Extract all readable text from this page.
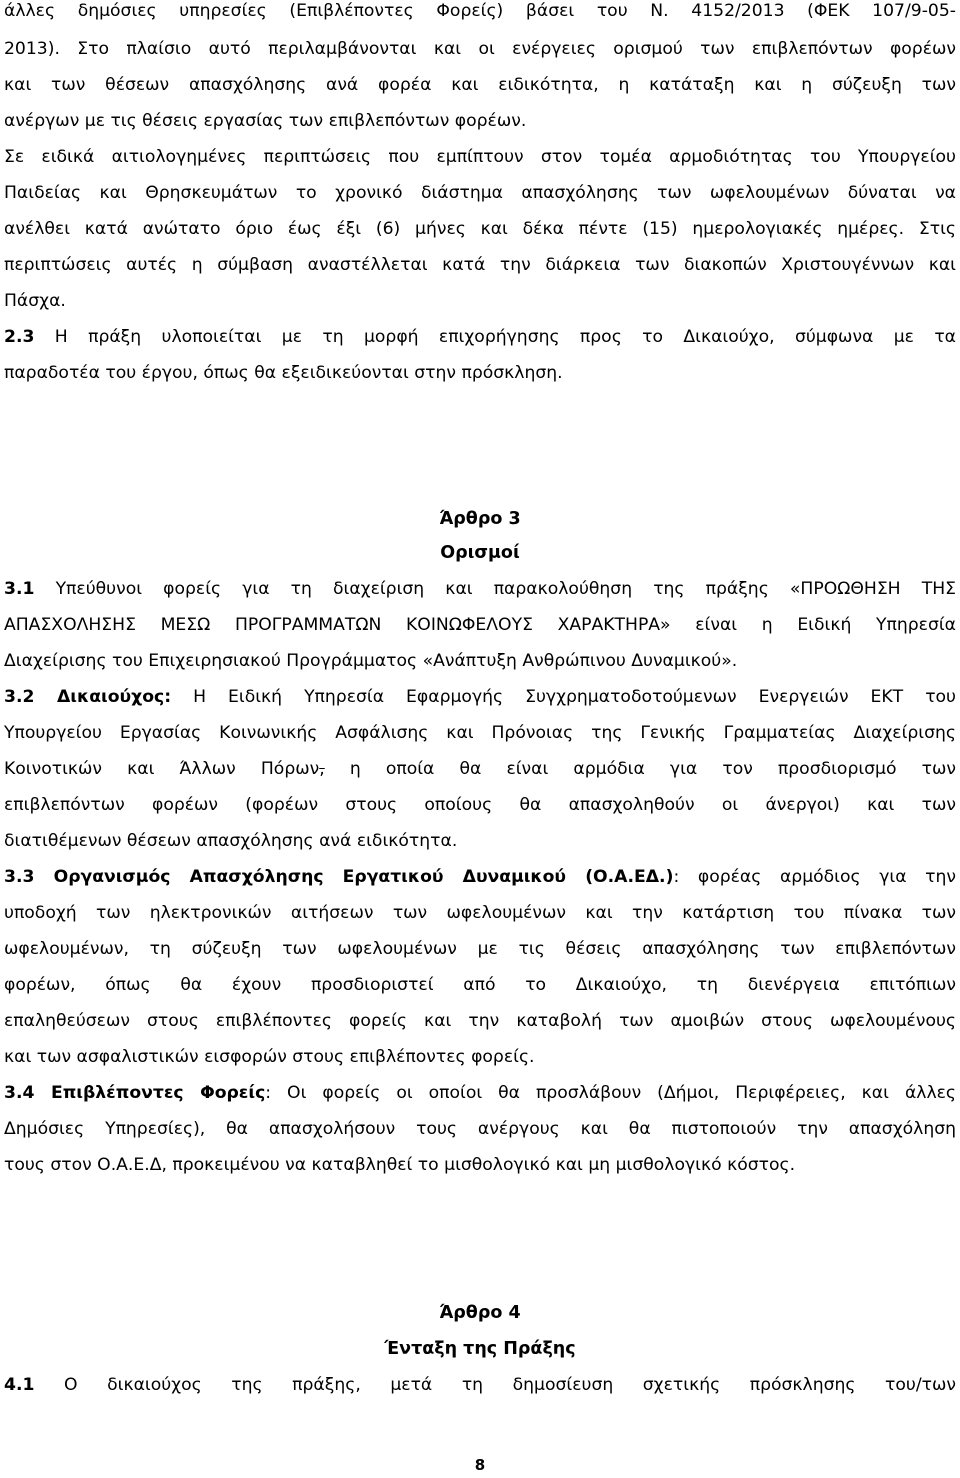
άλλες δημόσιες υπηρεσίες (Επιβλέποντες Φορείς) βάσει του Ν. 4152/2013 (ΦΕΚ 107/9-05-
2013). Στο πλαίσιο αυτό περιλαμβάνονται και οι ενέργειες ορισμού των επιβλεπόντων φορέων
και των θέσεων απασχόλησης ανά φορέα και ειδικότητα, η κατάταξη και η σύζευξη των
ανέργων με τις θέσεις εργασίας των επιβλεπόντων φορέων.
Σε ειδικά αιτιολογημένες περιπτώσεις που εμπίπτουν στον τομέα αρμοδιότητας του Υπουργείου
Παιδείας και Θρησκευμάτων το χρονικό διάστημα απασχόλησης των ωφελουμένων δύναται να
ανέλθει κατά ανώτατο όριο έως έξι (6) μήνες και δέκα πέντε (15) ημερολογιακές ημέρες. Στις
περιπτώσεις αυτές η σύμβαση αναστέλλεται κατά την διάρκεια των διακοπών Χριστουγέννων και
Πάσχα.
2.3 Η πράξη υλοποιείται με τη μορφή επιχορήγησης προς το Δικαιούχο, σύμφωνα με τα
παραδοτέα του έργου, όπως θα εξειδικεύονται στην πρόσκληση.
Άρθρο 3
Ορισμοί
3.1 Υπεύθυνοι φορείς για τη διαχείριση και παρακολούθηση της πράξης «ΠΡΟΩΘΗΣΗ ΤΗΣ
ΑΠΑΣΧΟΛΗΣΗΣ ΜΕΣΩ ΠΡΟΓΡΑΜΜΑΤΩΝ ΚΟΙΝΩΦΕΛΟΥΣ ΧΑΡΑΚΤΗΡΑ» είναι η Ειδική Υπηρεσία
Διαχείρισης του Επιχειρησιακού Προγράμματος «Ανάπτυξη Ανθρώπινου Δυναμικού».
3.2 Δικαιούχος: Η Ειδική Υπηρεσία Εφαρμογής Συγχρηματοδοτούμενων Ενεργειών ΕΚΤ του
Υπουργείου Εργασίας Κοινωνικής Ασφάλισης και Πρόνοιας της Γενικής Γραμματείας Διαχείρισης
Κοινοτικών και Άλλων Πόρων, η οποία θα είναι αρμόδια για τον προσδιορισμό των
επιβλεπόντων φορέων (φορέων στους οποίους θα απασχοληθούν οι άνεργοι) και των
διατιθέμενων θέσεων απασχόλησης ανά ειδικότητα.
3.3 Οργανισμός Απασχόλησης Εργατικού Δυναμικού (Ο.Α.ΕΔ.): φορέας αρμόδιος για την
υποδοχή των ηλεκτρονικών αιτήσεων των ωφελουμένων και την κατάρτιση του πίνακα των
ωφελουμένων, τη σύζευξη των ωφελουμένων με τις θέσεις απασχόλησης των επιβλεπόντων
φορέων, όπως θα έχουν προσδιοριστεί από το Δικαιούχο, τη διενέργεια επιτόπιων
επαληθεύσεων στους επιβλέποντες φορείς και την καταβολή των αμοιβών στους ωφελουμένους
και των ασφαλιστικών εισφορών στους επιβλέποντες φορείς.
3.4 Επιβλέποντες Φορείς: Οι φορείς οι οποίοι θα προσλάβουν (Δήμοι, Περιφέρειες, και άλλες
Δημόσιες Υπηρεσίες), θα απασχολήσουν τους ανέργους και θα πιστοποιούν την απασχόληση
τους στον Ο.Α.Ε.Δ, προκειμένου να καταβληθεί το μισθολογικό και μη μισθολογικό κόστος.
Άρθρο 4
Ένταξη της Πράξης
4.1 Ο δικαιούχος της πράξης, μετά τη δημοσίευση σχετικής πρόσκλησης του/των
8
